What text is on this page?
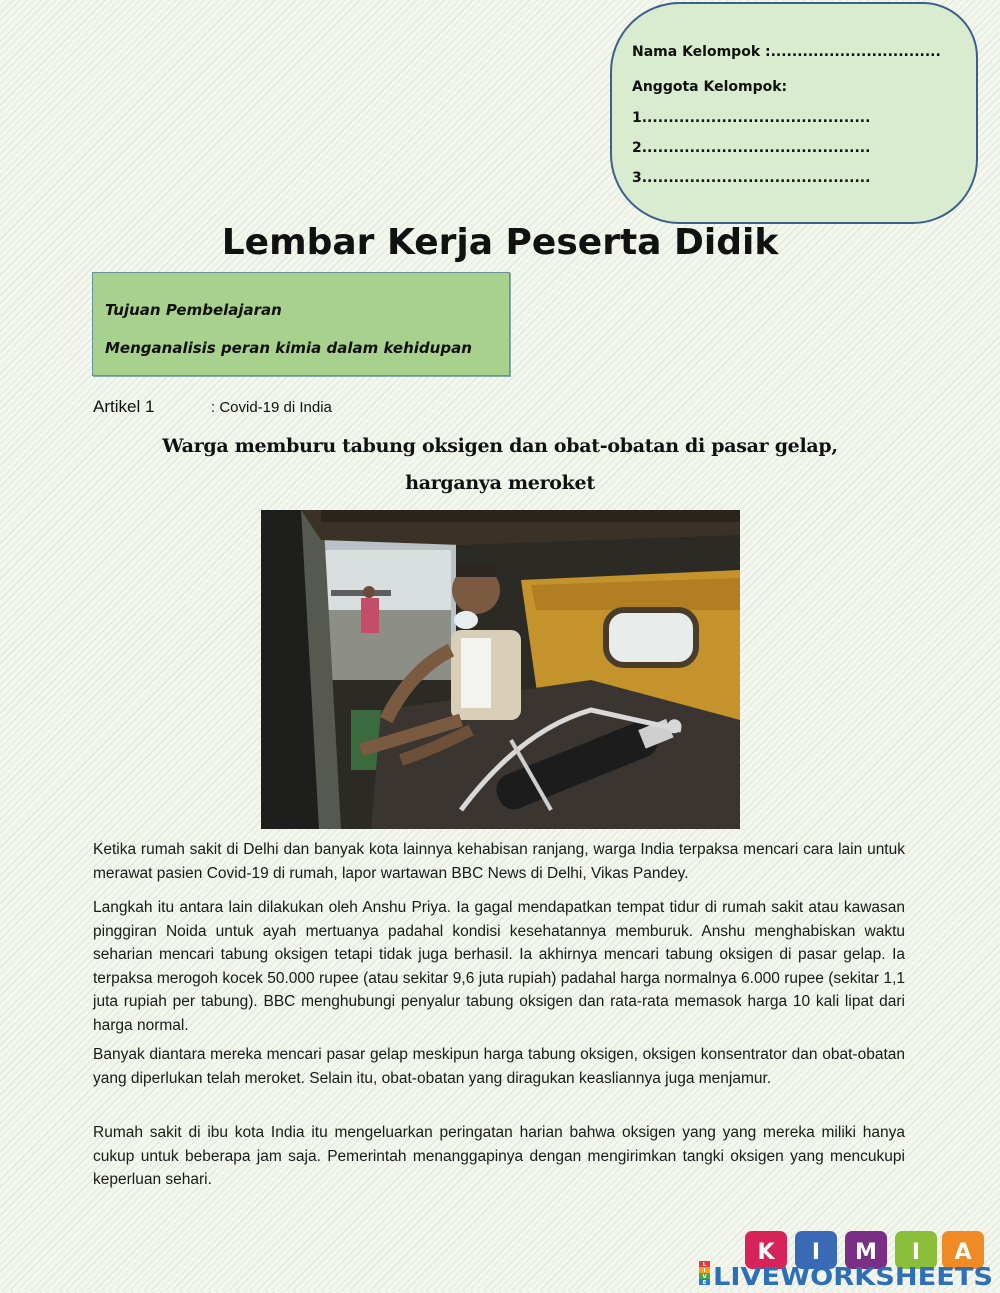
Nama Kelompok :................................

Anggota Kelompok:

1...........................................

2...........................................

3...........................................

Lembar Kerja Peserta Didik
Tujuan Pembelajaran
Menganalisis peran kimia dalam kehidupan
Artikel 1	: Covid-19 di India
Warga memburu tabung oksigen dan obat-obatan di pasar gelap,
harganya meroket

Ketika rumah sakit di Delhi dan banyak kota lainnya kehabisan ranjang, warga India terpaksa mencari cara lain untuk merawat pasien Covid-19 di rumah, lapor wartawan BBC News di Delhi, Vikas Pandey.

Langkah itu antara lain dilakukan oleh Anshu Priya. Ia gagal mendapatkan tempat tidur di rumah sakit atau kawasan pinggiran Noida untuk ayah mertuanya padahal kondisi kesehatannya memburuk. Anshu menghabiskan waktu seharian mencari tabung oksigen tetapi tidak juga berhasil. Ia akhirnya mencari tabung oksigen di pasar gelap. Ia terpaksa merogoh kocek 50.000 rupee (atau sekitar 9,6 juta rupiah) padahal harga normalnya 6.000 rupee (sekitar 1,1 juta rupiah per tabung). BBC menghubungi penyalur tabung oksigen dan rata-rata memasok harga 10 kali lipat dari harga normal.

Banyak diantara mereka mencari pasar gelap meskipun harga tabung oksigen, oksigen konsentrator dan obat-obatan yang diperlukan telah meroket. Selain itu, obat-obatan yang diragukan keasliannya juga menjamur.

Rumah sakit di ibu kota India itu mengeluarkan peringatan harian bahwa oksigen yang yang mereka miliki hanya cukup untuk beberapa jam saja. Pemerintah menanggapinya dengan mengirimkan tangki oksigen yang mencukupi keperluan sehari.

K I M I A
L
I
V
E LIVEWORKSHEETS
